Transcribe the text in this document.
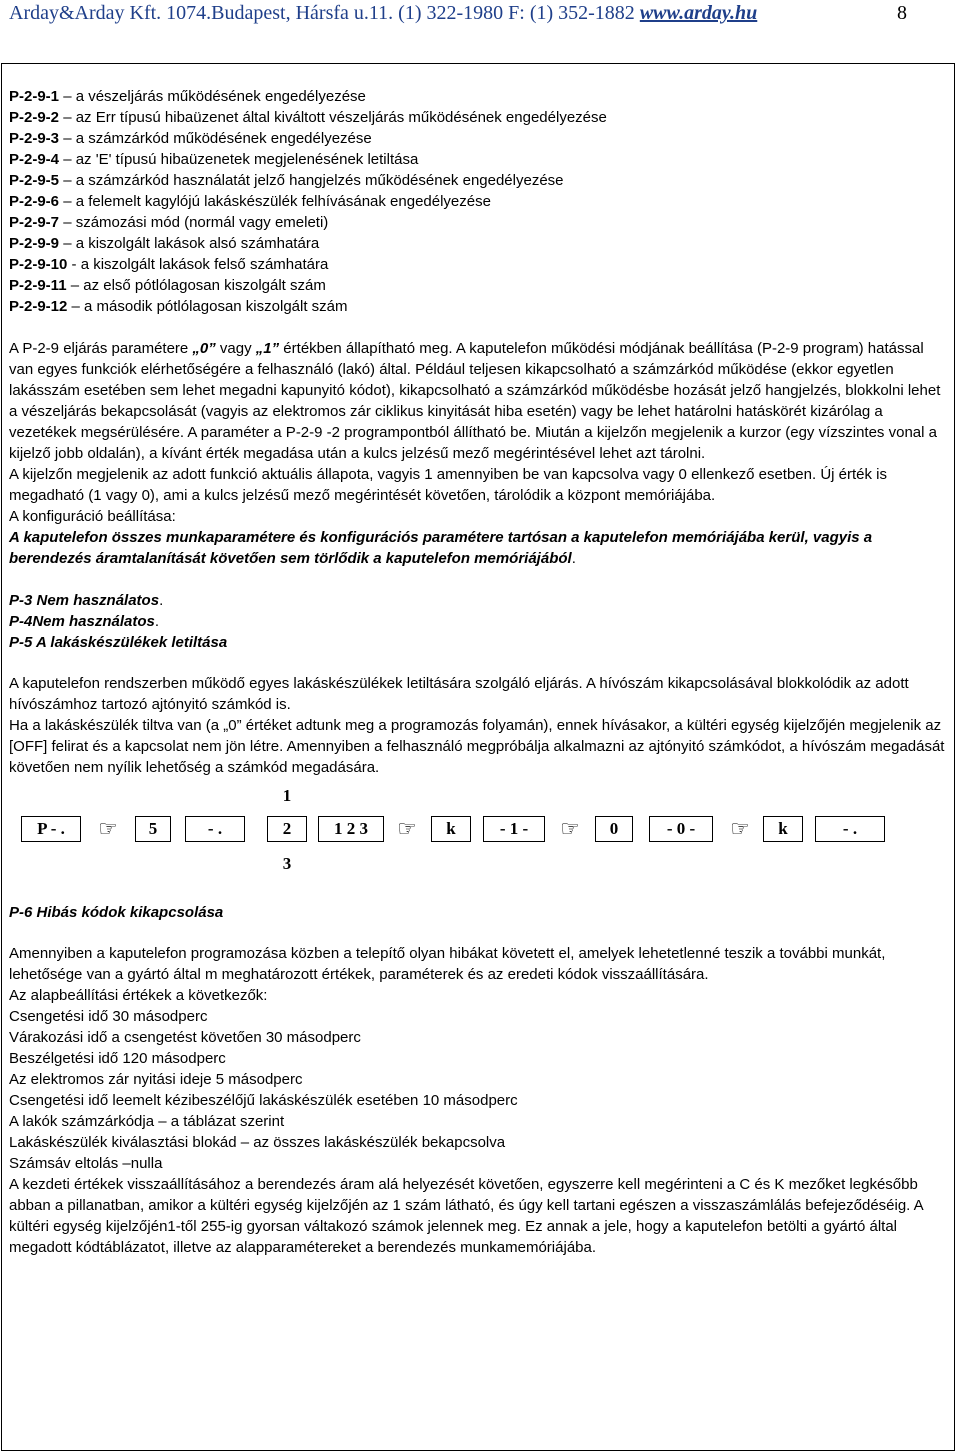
Arday&Arday Kft. 1074.Budapest, Hársfa u.11. (1) 322-1980 F: (1) 352-1882 www.arday.hu	8

P-2-9-1 – a vészeljárás működésének engedélyezése

P-2-9-2 – az Err típusú hibaüzenet által kiváltott vészeljárás működésének engedélyezése

P-2-9-3 – a számzárkód működésének engedélyezése

P-2-9-4 – az 'E' típusú hibaüzenetek megjelenésének letiltása

P-2-9-5 – a számzárkód használatát jelző hangjelzés működésének engedélyezése

P-2-9-6 – a felemelt kagylójú lakáskészülék felhívásának engedélyezése

P-2-9-7 – számozási mód (normál vagy emeleti)

P-2-9-9 – a kiszolgált lakások alsó számhatára

P-2-9-10 - a kiszolgált lakások felső számhatára

P-2-9-11 – az első pótlólagosan kiszolgált szám

P-2-9-12 – a második pótlólagosan kiszolgált szám

A P-2-9 eljárás paramétere „0” vagy „1” értékben állapítható meg. A kaputelefon működési módjának beállítása (P-2-9 program) hatással van egyes funkciók elérhetőségére a felhasználó (lakó) által. Például teljesen kikapcsolható a számzárkód működése (ekkor egyetlen lakásszám esetében sem lehet megadni kapunyitó kódot), kikapcsolható a számzárkód működésbe hozását jelző hangjelzés, blokkolni lehet a vészeljárás bekapcsolását (vagyis az elektromos zár ciklikus kinyitását hiba esetén) vagy be lehet határolni hatáskörét kizárólag a vezetékek megsérülésére. A paraméter a P-2-9 -2 programpontból állítható be. Miután a kijelzőn megjelenik a kurzor (egy vízszintes vonal a kijelző jobb oldalán), a kívánt érték megadása után a kulcs jelzésű mező megérintésével lehet azt tárolni.

A kijelzőn megjelenik az adott funkció aktuális állapota, vagyis 1 amennyiben be van kapcsolva vagy 0 ellenkező esetben. Új érték is megadható (1 vagy 0), ami a kulcs jelzésű mező megérintését követően, tárolódik a központ memóriájába.

A konfiguráció beállítása:

A kaputelefon összes munkaparamétere és konfigurációs paramétere tartósan a kaputelefon memóriájába kerül, vagyis a berendezés áramtalanítását követően sem törlődik a kaputelefon memóriájából.

P-3 Nem használatos.

P-4Nem használatos.

P-5 A lakáskészülékek letiltása

A kaputelefon rendszerben működő egyes lakáskészülékek letiltására szolgáló eljárás. A hívószám kikapcsolásával blokkolódik az adott hívószámhoz tartozó ajtónyitó számkód is.

Ha a lakáskészülék tiltva van (a „0” értéket adtunk meg a programozás folyamán), ennek hívásakor, a kültéri egység kijelzőjén megjelenik az [OFF] felirat és a kapcsolat nem jön létre. Amennyiben a felhasználó megpróbálja alkalmazni az ajtónyitó számkódot, a hívószám megadását követően nem nyílik lehetőség a számkód megadására.

1
P - .	☞	5	- .	2	1 2 3	☞	k	- 1 -	☞	0	- 0 -	☞	k	- .
3

P-6 Hibás kódok kikapcsolása

Amennyiben a kaputelefon programozása közben a telepítő olyan hibákat követett el, amelyek lehetetlenné teszik a további munkát, lehetősége van a gyártó által m meghatározott értékek, paraméterek és az eredeti kódok visszaállítására.

Az alapbeállítási értékek a következők:

Csengetési idő 30 másodperc

Várakozási idő a csengetést követően 30 másodperc

Beszélgetési idő 120 másodperc

Az elektromos zár nyitási ideje 5 másodperc

Csengetési idő leemelt kézibeszélőjű lakáskészülék esetében 10 másodperc

A lakók számzárkódja – a táblázat szerint

Lakáskészülék kiválasztási blokád – az összes lakáskészülék bekapcsolva

Számsáv eltolás –nulla

A kezdeti értékek visszaállításához a berendezés áram alá helyezését követően, egyszerre kell megérinteni a C és K mezőket legkésőbb abban a pillanatban, amikor a kültéri egység kijelzőjén az 1 szám látható, és úgy kell tartani egészen a visszaszámlálás befejeződéséig. A kültéri egység kijelzőjén1-től 255-ig gyorsan váltakozó számok jelennek meg. Ez annak a jele, hogy a kaputelefon betölti a gyártó által megadott kódtáblázatot, illetve az alapparamétereket a berendezés munkamemóriájába.
